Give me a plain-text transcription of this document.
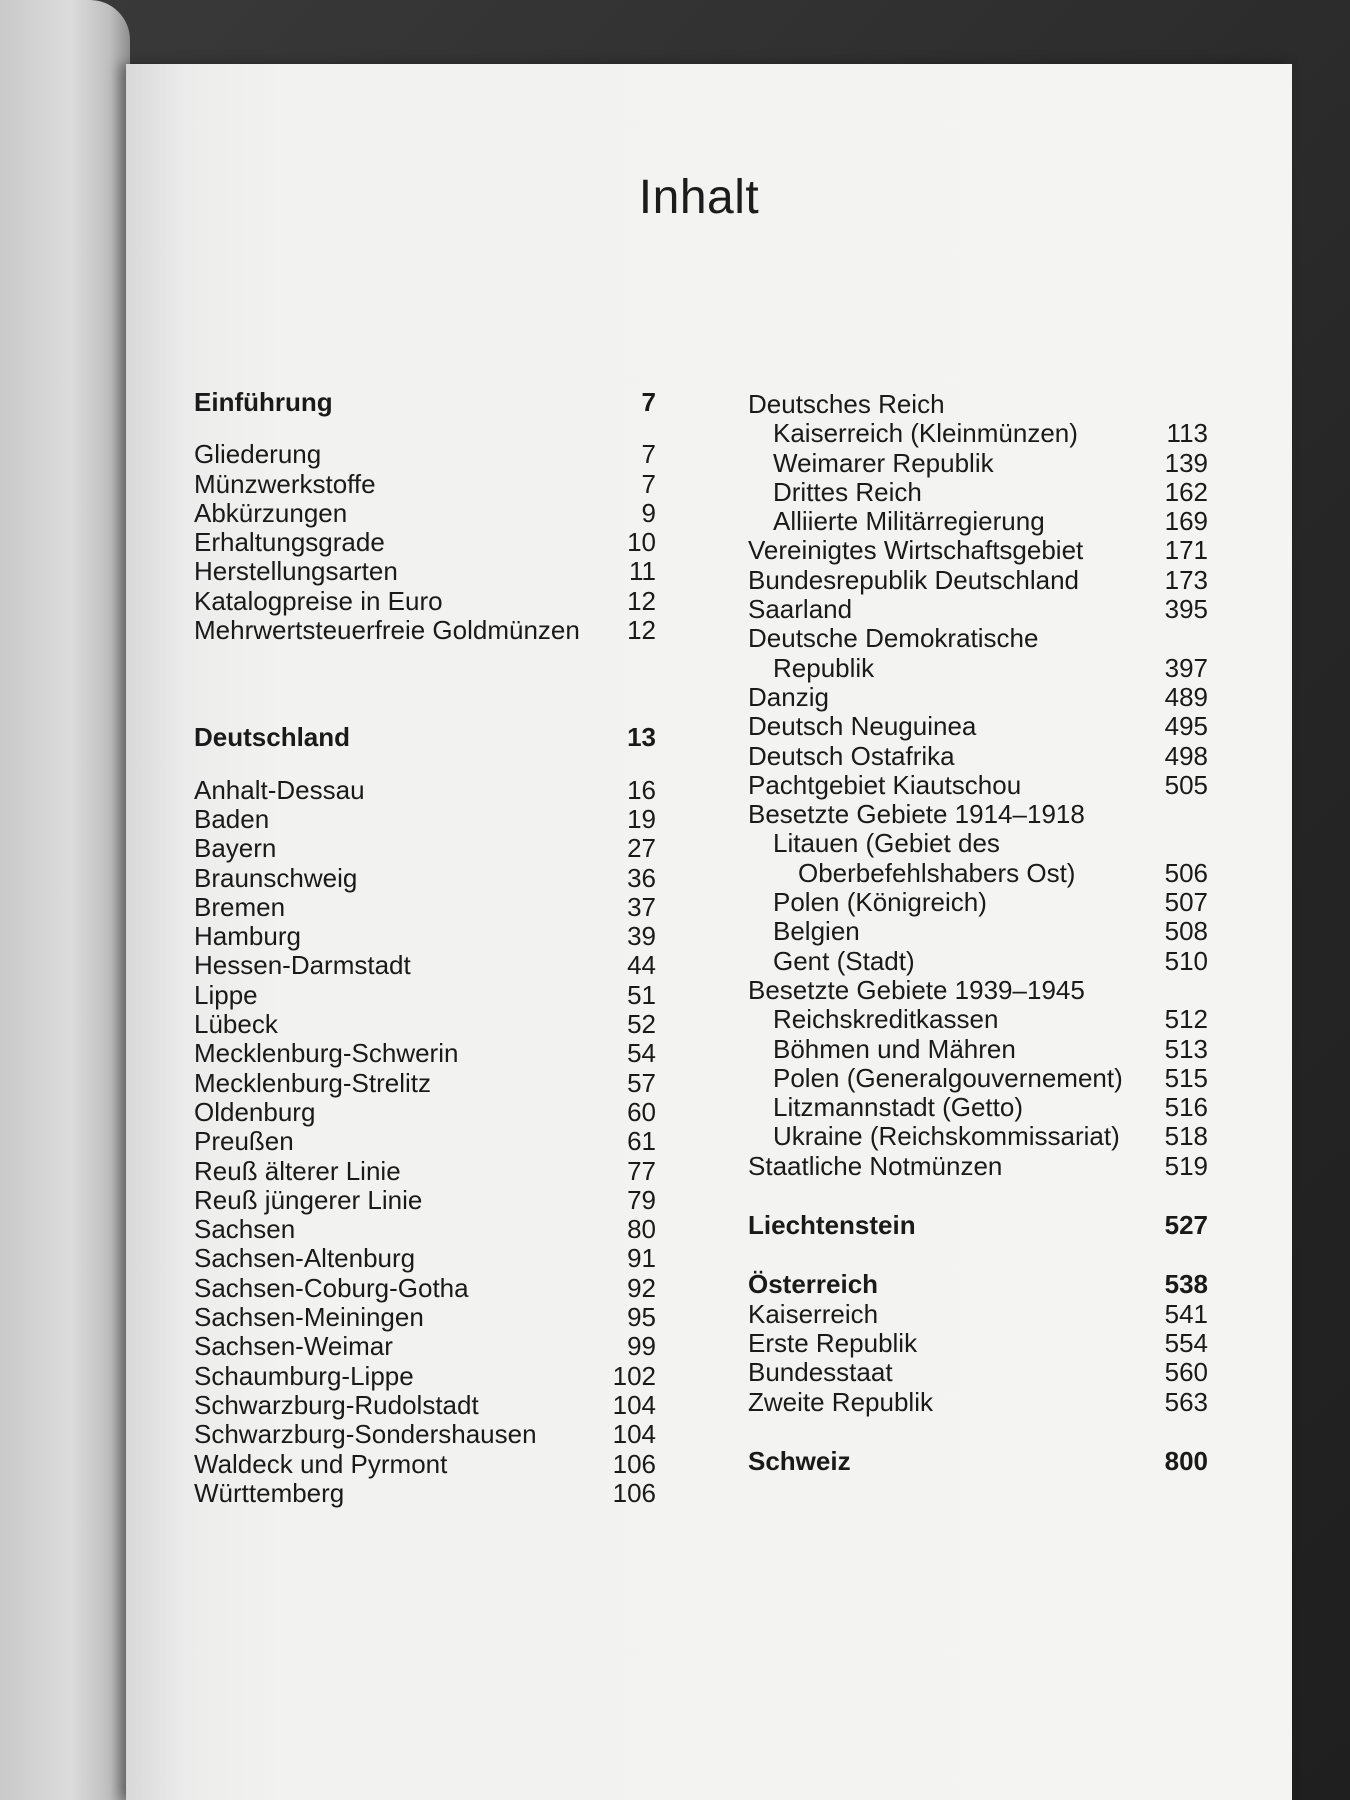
Inhalt
Einführung	7
Gliederung	7
Münzwerkstoffe	7
Abkürzungen	9
Erhaltungsgrade	10
Herstellungsarten	11
Katalogpreise in Euro	12
Mehrwertsteuerfreie Goldmünzen 12
Deutschland	13
Anhalt-Dessau	16
Baden	19
Bayern	27
Braunschweig	36
Bremen	37
Hamburg	39
Hessen-Darmstadt	44
Lippe	51
Lübeck	52
Mecklenburg-Schwerin	54
Mecklenburg-Strelitz	57
Oldenburg	60
Preußen	61
Reuß älterer Linie	77
Reuß jüngerer Linie	79
Sachsen	80
Sachsen-Altenburg	91
Sachsen-Coburg-Gotha	92
Sachsen-Meiningen	95
Sachsen-Weimar	99
Schaumburg-Lippe	102
Schwarzburg-Rudolstadt	104
Schwarzburg-Sondershausen	104
Waldeck und Pyrmont	106
Württemberg	106
Deutsches Reich
Kaiserreich (Kleinmünzen)	113
Weimarer Republik	139
Drittes Reich	162
Alliierte Militärregierung	169
Vereinigtes Wirtschaftsgebiet	171
Bundesrepublik Deutschland	173
Saarland	395
Deutsche Demokratische
Republik	397
Danzig	489
Deutsch Neuguinea	495
Deutsch Ostafrika	498
Pachtgebiet Kiautschou	505
Besetzte Gebiete 1914–1918
Litauen (Gebiet des
Oberbefehlshabers Ost)	506
Polen (Königreich)	507
Belgien	508
Gent (Stadt)	510
Besetzte Gebiete 1939–1945
Reichskreditkassen	512
Böhmen und Mähren	513
Polen (Generalgouvernement) 515
Litzmannstadt (Getto)	516
Ukraine (Reichskommissariat) 518
Staatliche Notmünzen	519
Liechtenstein	527
Österreich	538
Kaiserreich	541
Erste Republik	554
Bundesstaat	560
Zweite Republik	563
Schweiz	800
